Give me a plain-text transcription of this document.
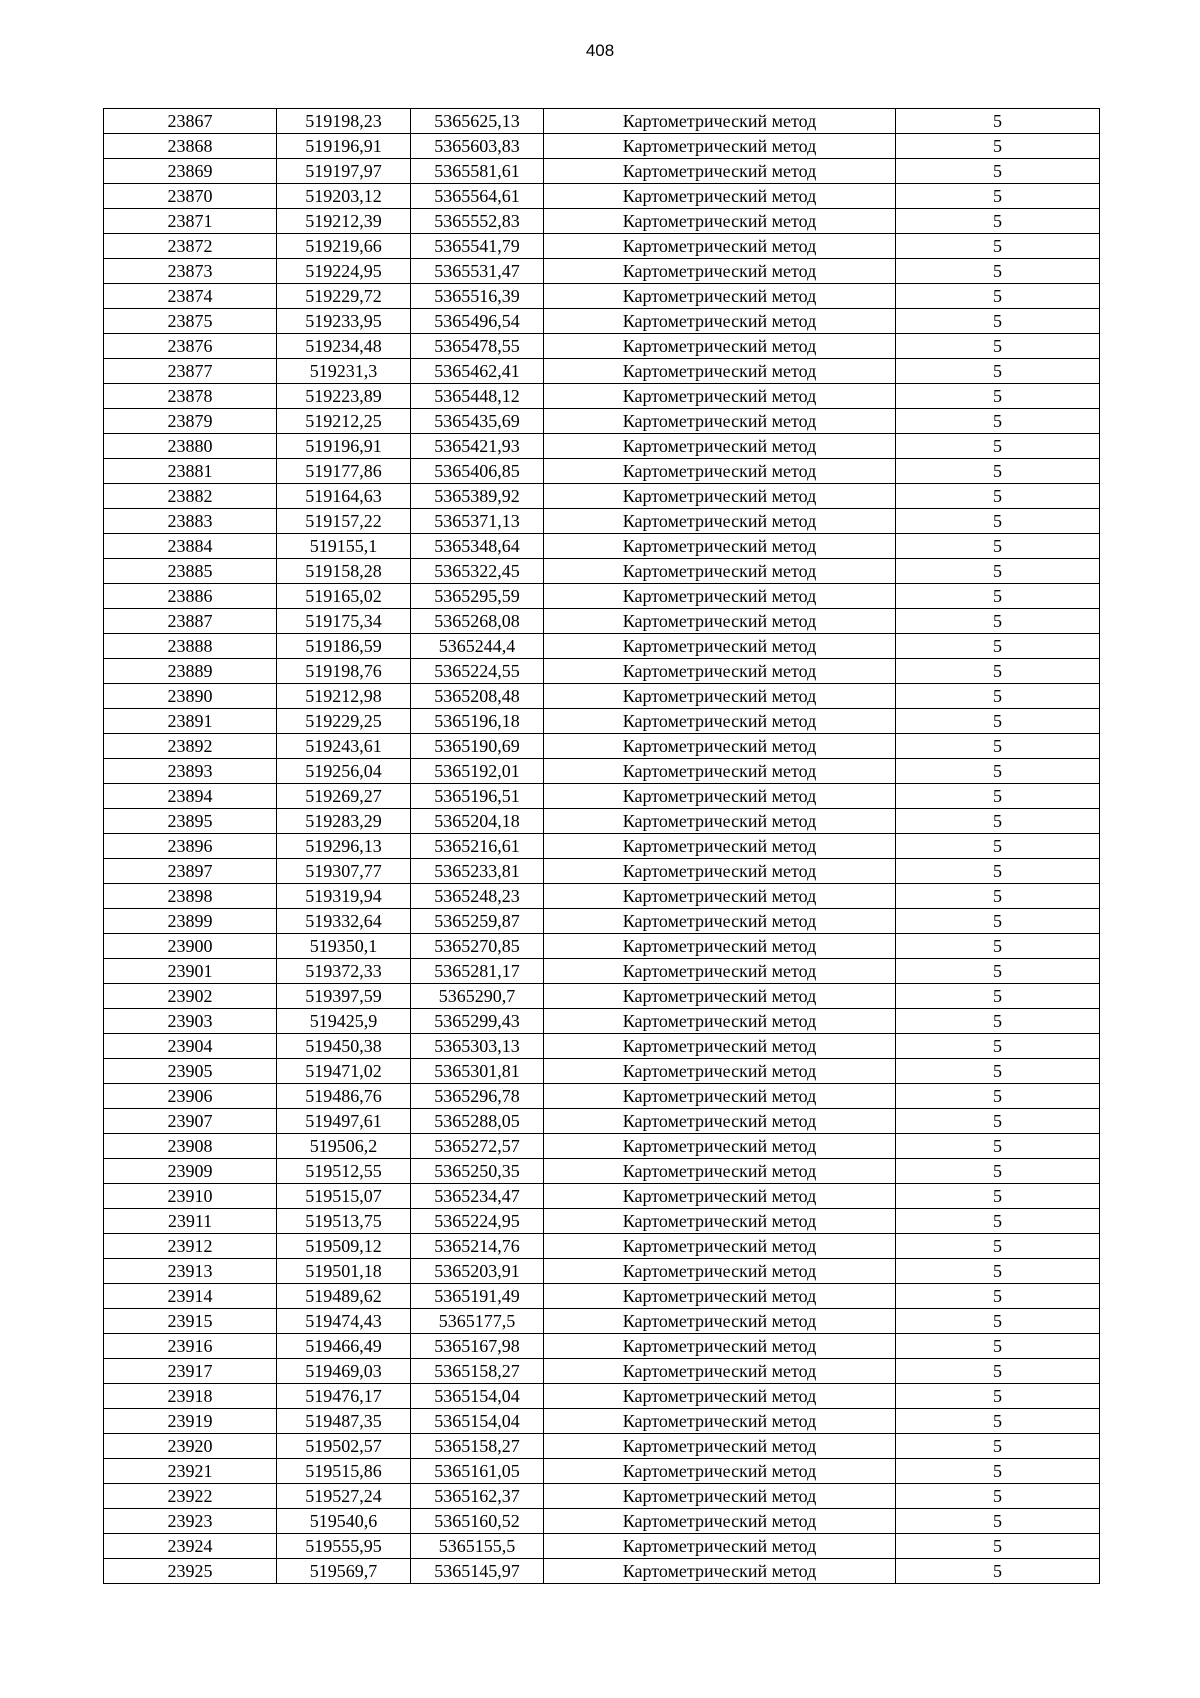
408
23867	519198,23	5365625,13	Картометрический метод	5
23868	519196,91	5365603,83	Картометрический метод	5
23869	519197,97	5365581,61	Картометрический метод	5
23870	519203,12	5365564,61	Картометрический метод	5
23871	519212,39	5365552,83	Картометрический метод	5
23872	519219,66	5365541,79	Картометрический метод	5
23873	519224,95	5365531,47	Картометрический метод	5
23874	519229,72	5365516,39	Картометрический метод	5
23875	519233,95	5365496,54	Картометрический метод	5
23876	519234,48	5365478,55	Картометрический метод	5
23877	519231,3	5365462,41	Картометрический метод	5
23878	519223,89	5365448,12	Картометрический метод	5
23879	519212,25	5365435,69	Картометрический метод	5
23880	519196,91	5365421,93	Картометрический метод	5
23881	519177,86	5365406,85	Картометрический метод	5
23882	519164,63	5365389,92	Картометрический метод	5
23883	519157,22	5365371,13	Картометрический метод	5
23884	519155,1	5365348,64	Картометрический метод	5
23885	519158,28	5365322,45	Картометрический метод	5
23886	519165,02	5365295,59	Картометрический метод	5
23887	519175,34	5365268,08	Картометрический метод	5
23888	519186,59	5365244,4	Картометрический метод	5
23889	519198,76	5365224,55	Картометрический метод	5
23890	519212,98	5365208,48	Картометрический метод	5
23891	519229,25	5365196,18	Картометрический метод	5
23892	519243,61	5365190,69	Картометрический метод	5
23893	519256,04	5365192,01	Картометрический метод	5
23894	519269,27	5365196,51	Картометрический метод	5
23895	519283,29	5365204,18	Картометрический метод	5
23896	519296,13	5365216,61	Картометрический метод	5
23897	519307,77	5365233,81	Картометрический метод	5
23898	519319,94	5365248,23	Картометрический метод	5
23899	519332,64	5365259,87	Картометрический метод	5
23900	519350,1	5365270,85	Картометрический метод	5
23901	519372,33	5365281,17	Картометрический метод	5
23902	519397,59	5365290,7	Картометрический метод	5
23903	519425,9	5365299,43	Картометрический метод	5
23904	519450,38	5365303,13	Картометрический метод	5
23905	519471,02	5365301,81	Картометрический метод	5
23906	519486,76	5365296,78	Картометрический метод	5
23907	519497,61	5365288,05	Картометрический метод	5
23908	519506,2	5365272,57	Картометрический метод	5
23909	519512,55	5365250,35	Картометрический метод	5
23910	519515,07	5365234,47	Картометрический метод	5
23911	519513,75	5365224,95	Картометрический метод	5
23912	519509,12	5365214,76	Картометрический метод	5
23913	519501,18	5365203,91	Картометрический метод	5
23914	519489,62	5365191,49	Картометрический метод	5
23915	519474,43	5365177,5	Картометрический метод	5
23916	519466,49	5365167,98	Картометрический метод	5
23917	519469,03	5365158,27	Картометрический метод	5
23918	519476,17	5365154,04	Картометрический метод	5
23919	519487,35	5365154,04	Картометрический метод	5
23920	519502,57	5365158,27	Картометрический метод	5
23921	519515,86	5365161,05	Картометрический метод	5
23922	519527,24	5365162,37	Картометрический метод	5
23923	519540,6	5365160,52	Картометрический метод	5
23924	519555,95	5365155,5	Картометрический метод	5
23925	519569,7	5365145,97	Картометрический метод	5
